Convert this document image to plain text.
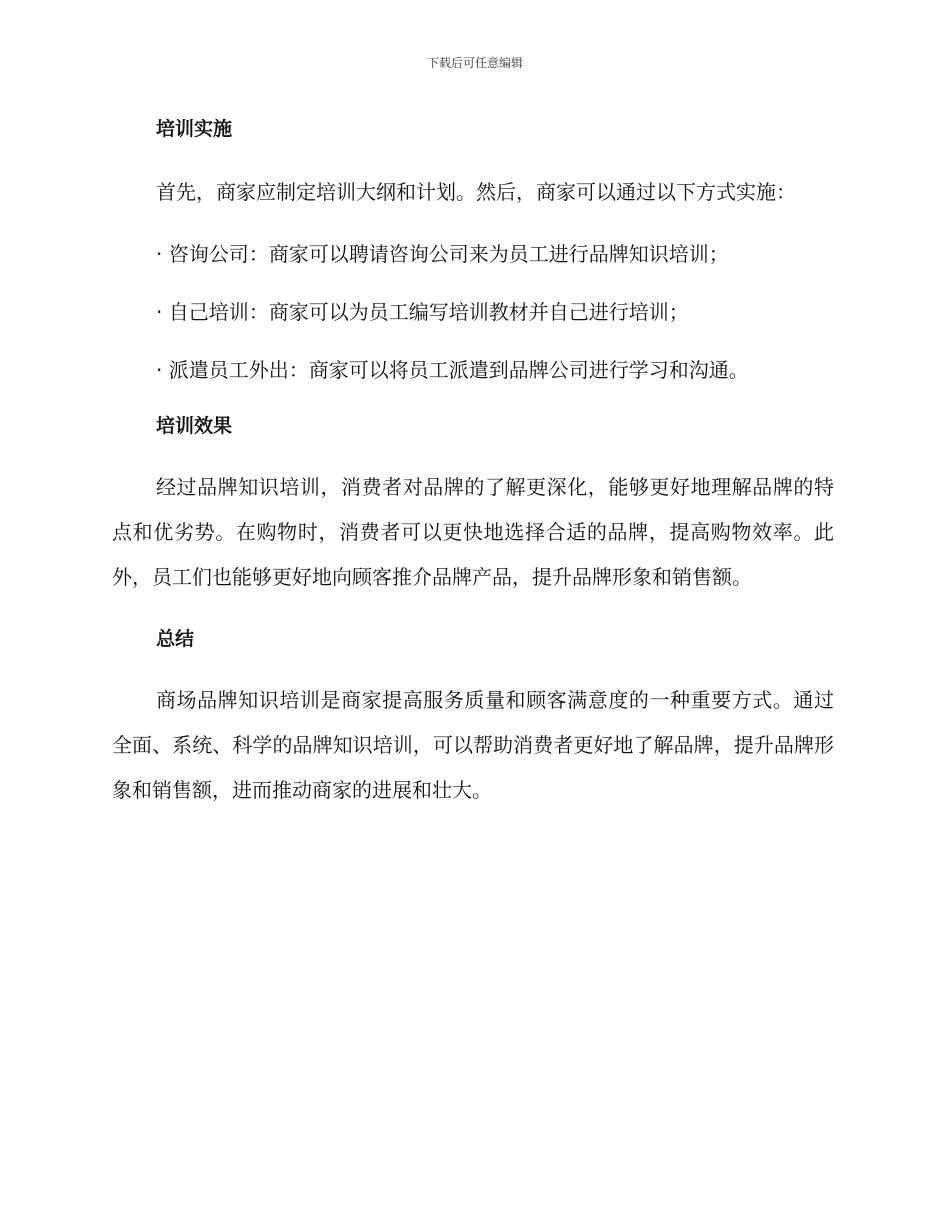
下载后可任意编辑
培训实施

首先，商家应制定培训大纲和计划。然后，商家可以通过以下方式实施：

· 咨询公司：商家可以聘请咨询公司来为员工进行品牌知识培训；
· 自己培训：商家可以为员工编写培训教材并自己进行培训；
· 派遣员工外出：商家可以将员工派遣到品牌公司进行学习和沟通。
培训效果

经过品牌知识培训，消费者对品牌的了解更深化，能够更好地理解品牌的特点和优劣势。在购物时，消费者可以更快地选择合适的品牌，提高购物效率。此外，员工们也能够更好地向顾客推介品牌产品，提升品牌形象和销售额。

总结

商场品牌知识培训是商家提高服务质量和顾客满意度的一种重要方式。通过全面、系统、科学的品牌知识培训，可以帮助消费者更好地了解品牌，提升品牌形象和销售额，进而推动商家的进展和壮大。
